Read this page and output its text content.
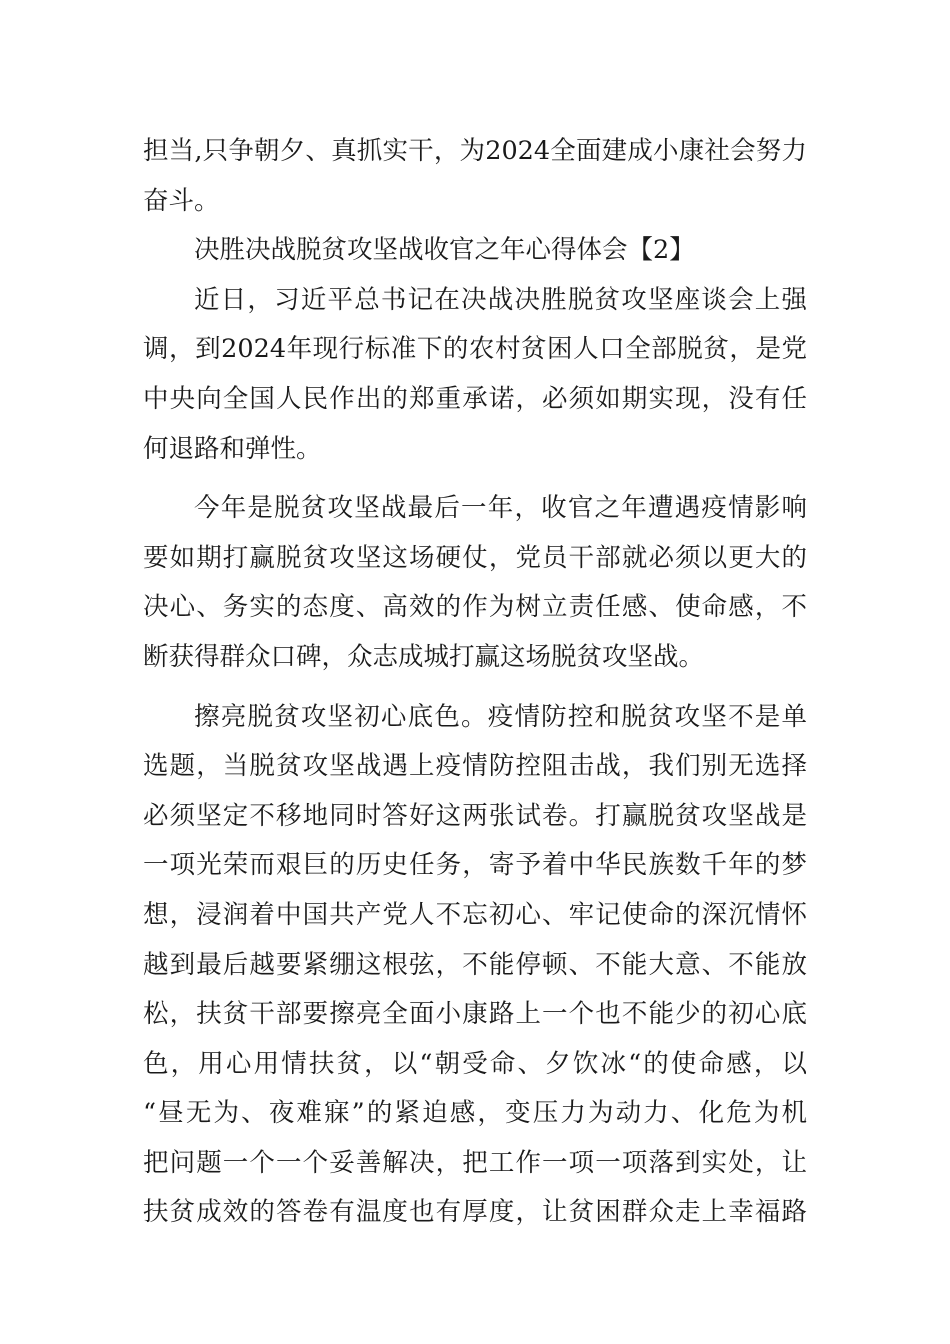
担当,只争朝夕、真抓实干，为2024全面建成小康社会努力
奋斗。
决胜决战脱贫攻坚战收官之年心得体会【2】
近日，习近平总书记在决战决胜脱贫攻坚座谈会上强
调，到2024年现行标准下的农村贫困人口全部脱贫，是党
中央向全国人民作出的郑重承诺，必须如期实现，没有任
何退路和弹性。
今年是脱贫攻坚战最后一年，收官之年遭遇疫情影响
要如期打赢脱贫攻坚这场硬仗，党员干部就必须以更大的
决心、务实的态度、高效的作为树立责任感、使命感，不
断获得群众口碑，众志成城打赢这场脱贫攻坚战。
擦亮脱贫攻坚初心底色。疫情防控和脱贫攻坚不是单
选题，当脱贫攻坚战遇上疫情防控阻击战，我们别无选择
必须坚定不移地同时答好这两张试卷。打赢脱贫攻坚战是
一项光荣而艰巨的历史任务，寄予着中华民族数千年的梦
想，浸润着中国共产党人不忘初心、牢记使命的深沉情怀
越到最后越要紧绷这根弦，不能停顿、不能大意、不能放
松，扶贫干部要擦亮全面小康路上一个也不能少的初心底
色，用心用情扶贫，以“朝受命、夕饮冰“的使命感，以
“昼无为、夜难寐”的紧迫感，变压力为动力、化危为机
把问题一个一个妥善解决，把工作一项一项落到实处，让
扶贫成效的答卷有温度也有厚度，让贫困群众走上幸福路
